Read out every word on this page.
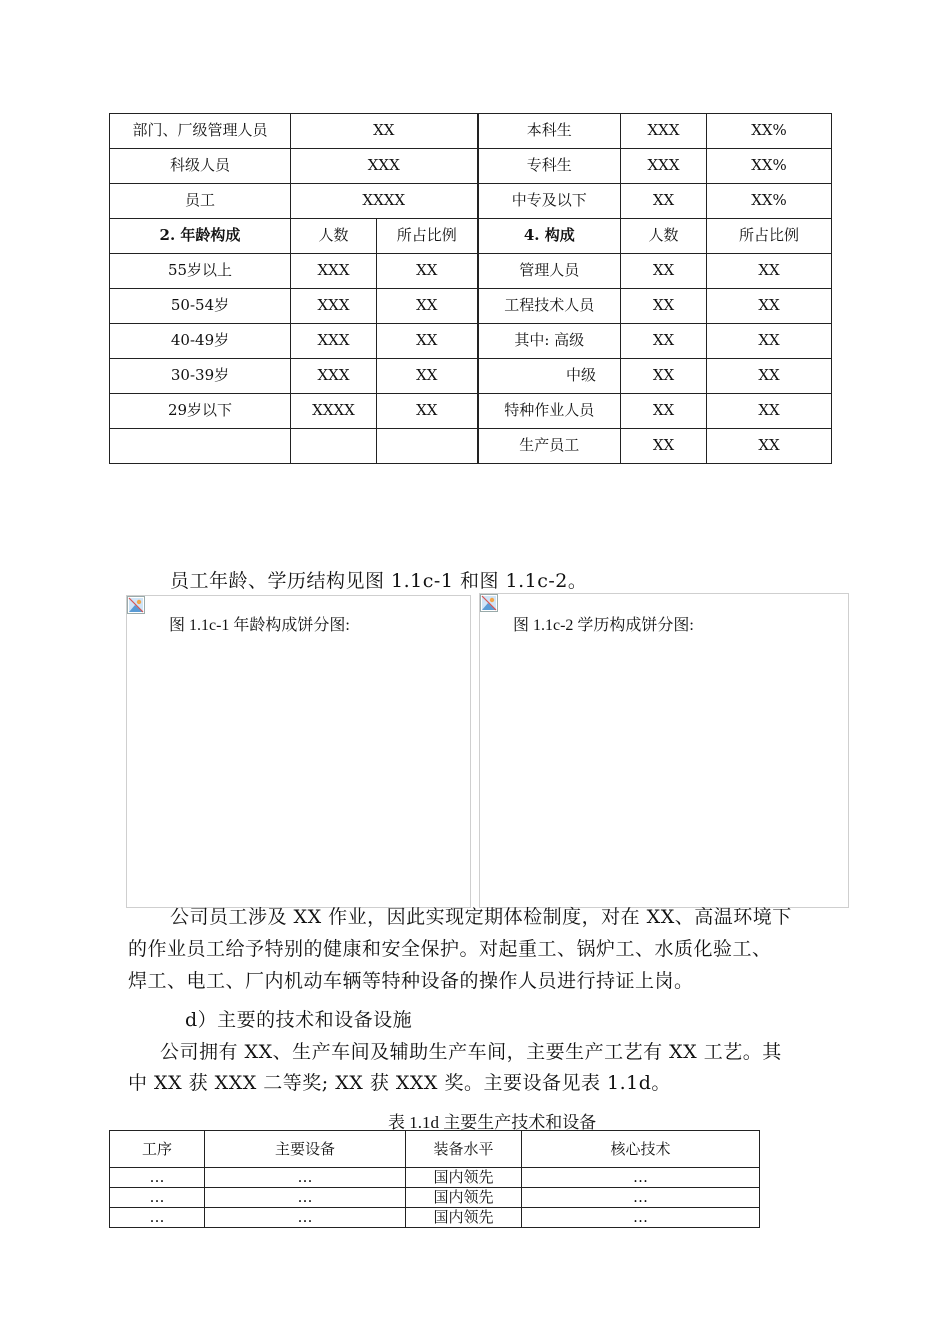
部门、厂级管理人员	XX		本科生	XXX	XX%
科级人员	XXX		专科生	XXX	XX%
员工	XXXX		中专及以下	XX	XX%
2. 年龄构成	人数	所占比例	4. 构成	人数	所占比例
55岁以上	XXX	XX	管理人员	XX	XX
50-54岁	XXX	XX	工程技术人员	XX	XX
40-49岁	XXX	XX	其中: 高级	XX	XX
30-39岁	XXX	XX	中级	XX	XX
29岁以下	XXXX	XX	特种作业人员	XX	XX
			生产员工	XX	XX
员工年龄、学历结构见图 1.1c-1 和图 1.1c-2。
图 1.1c-1 年龄构成饼分图:	图 1.1c-2 学历构成饼分图:
公司员工涉及 XX 作业，因此实现定期体检制度，对在 XX、高温环境下
的作业员工给予特别的健康和安全保护。对起重工、锅炉工、水质化验工、
焊工、电工、厂内机动车辆等特种设备的操作人员进行持证上岗。
d）主要的技术和设备设施
公司拥有 XX、生产车间及辅助生产车间，主要生产工艺有 XX 工艺。其
中 XX 获 XXX 二等奖; XX 获 XXX 奖。主要设备见表 1.1d。
表 1.1d 主要生产技术和设备
工序	主要设备	装备水平	核心技术
…	…	国内领先	…
…	…	国内领先	…
…	…	国内领先	…
